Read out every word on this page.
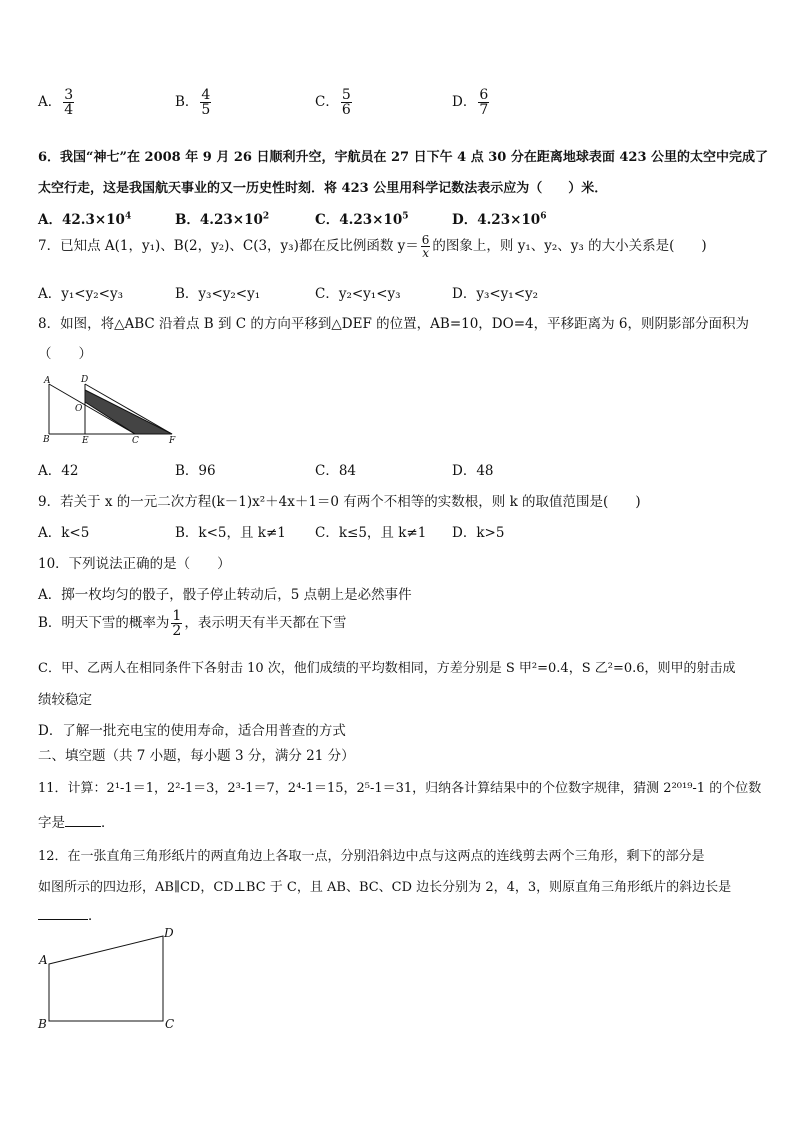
A． $\frac{3}{4}$	B． $\frac{4}{5}$	C． $\frac{5}{6}$	D． $\frac{6}{7}$
6．我国“神七”在 2008 年 9 月 26 日顺利升空，宇航员在 27 日下午 4 点 30 分在距离地球表面 423 公里的太空中完成了
太空行走，这是我国航天事业的又一历史性时刻．将 423 公里用科学记数法表示应为（　　）米．
A．$42.3\times 10^4$	B．$4.23\times 10^2$	C．$4.23\times 10^5$	D．$4.23\times 10^6$
7．已知点 A(1，y₁)、B(2，y₂)、C(3，y₃)都在反比例函数 $y= \frac{6}{x}$ 的图象上，则 y₁、y₂、y₃ 的大小关系是(　　)
A．y₁<y₂<y₃	B．y₃<y₂<y₁	C．y₂<y₁<y₃	D．y₃<y₁<y₂
8．如图，将△ABC 沿着点 B 到 C 的方向平移到△DEF 的位置，AB=10，DO=4，平移距离为 6，则阴影部分面积为
（　　）
A	D
O
B	E	C	F
A．42	B．96	C．84	D．48
9．若关于 x 的一元二次方程(k－1)x²＋4x＋1＝0 有两个不相等的实数根，则 k 的取值范围是(　　)
A．k<5	B．k<5，且 k≠1 C．k≤5，且 k≠1 D．k>5
10．下列说法正确的是（　　）
A．掷一枚均匀的骰子，骰子停止转动后，5 点朝上是必然事件
B．明天下雪的概率为 $\frac{1}{2}$ ，表示明天有半天都在下雪
C．甲、乙两人在相同条件下各射击 10 次，他们成绩的平均数相同，方差分别是 S 甲²=0.4，S 乙²=0.6，则甲的射击成
绩较稳定
D．了解一批充电宝的使用寿命，适合用普查的方式
二、填空题（共 7 小题，每小题 3 分，满分 21 分）
11．计算：2¹-1＝1，2²-1＝3，2³-1＝7，2⁴-1＝15，2⁵-1＝31，归纳各计算结果中的个位数字规律，猜测 2²⁰¹⁹-1 的个位数
字是	．
12．在一张直角三角形纸片的两直角边上各取一点，分别沿斜边中点与这两点的连线剪去两个三角形，剩下的部分是
如图所示的四边形，AB∥CD，CD⊥BC 于 C，且 AB、BC、CD 边长分别为 2，4，3，则原直角三角形纸片的斜边长是
．
A
D
B	C
